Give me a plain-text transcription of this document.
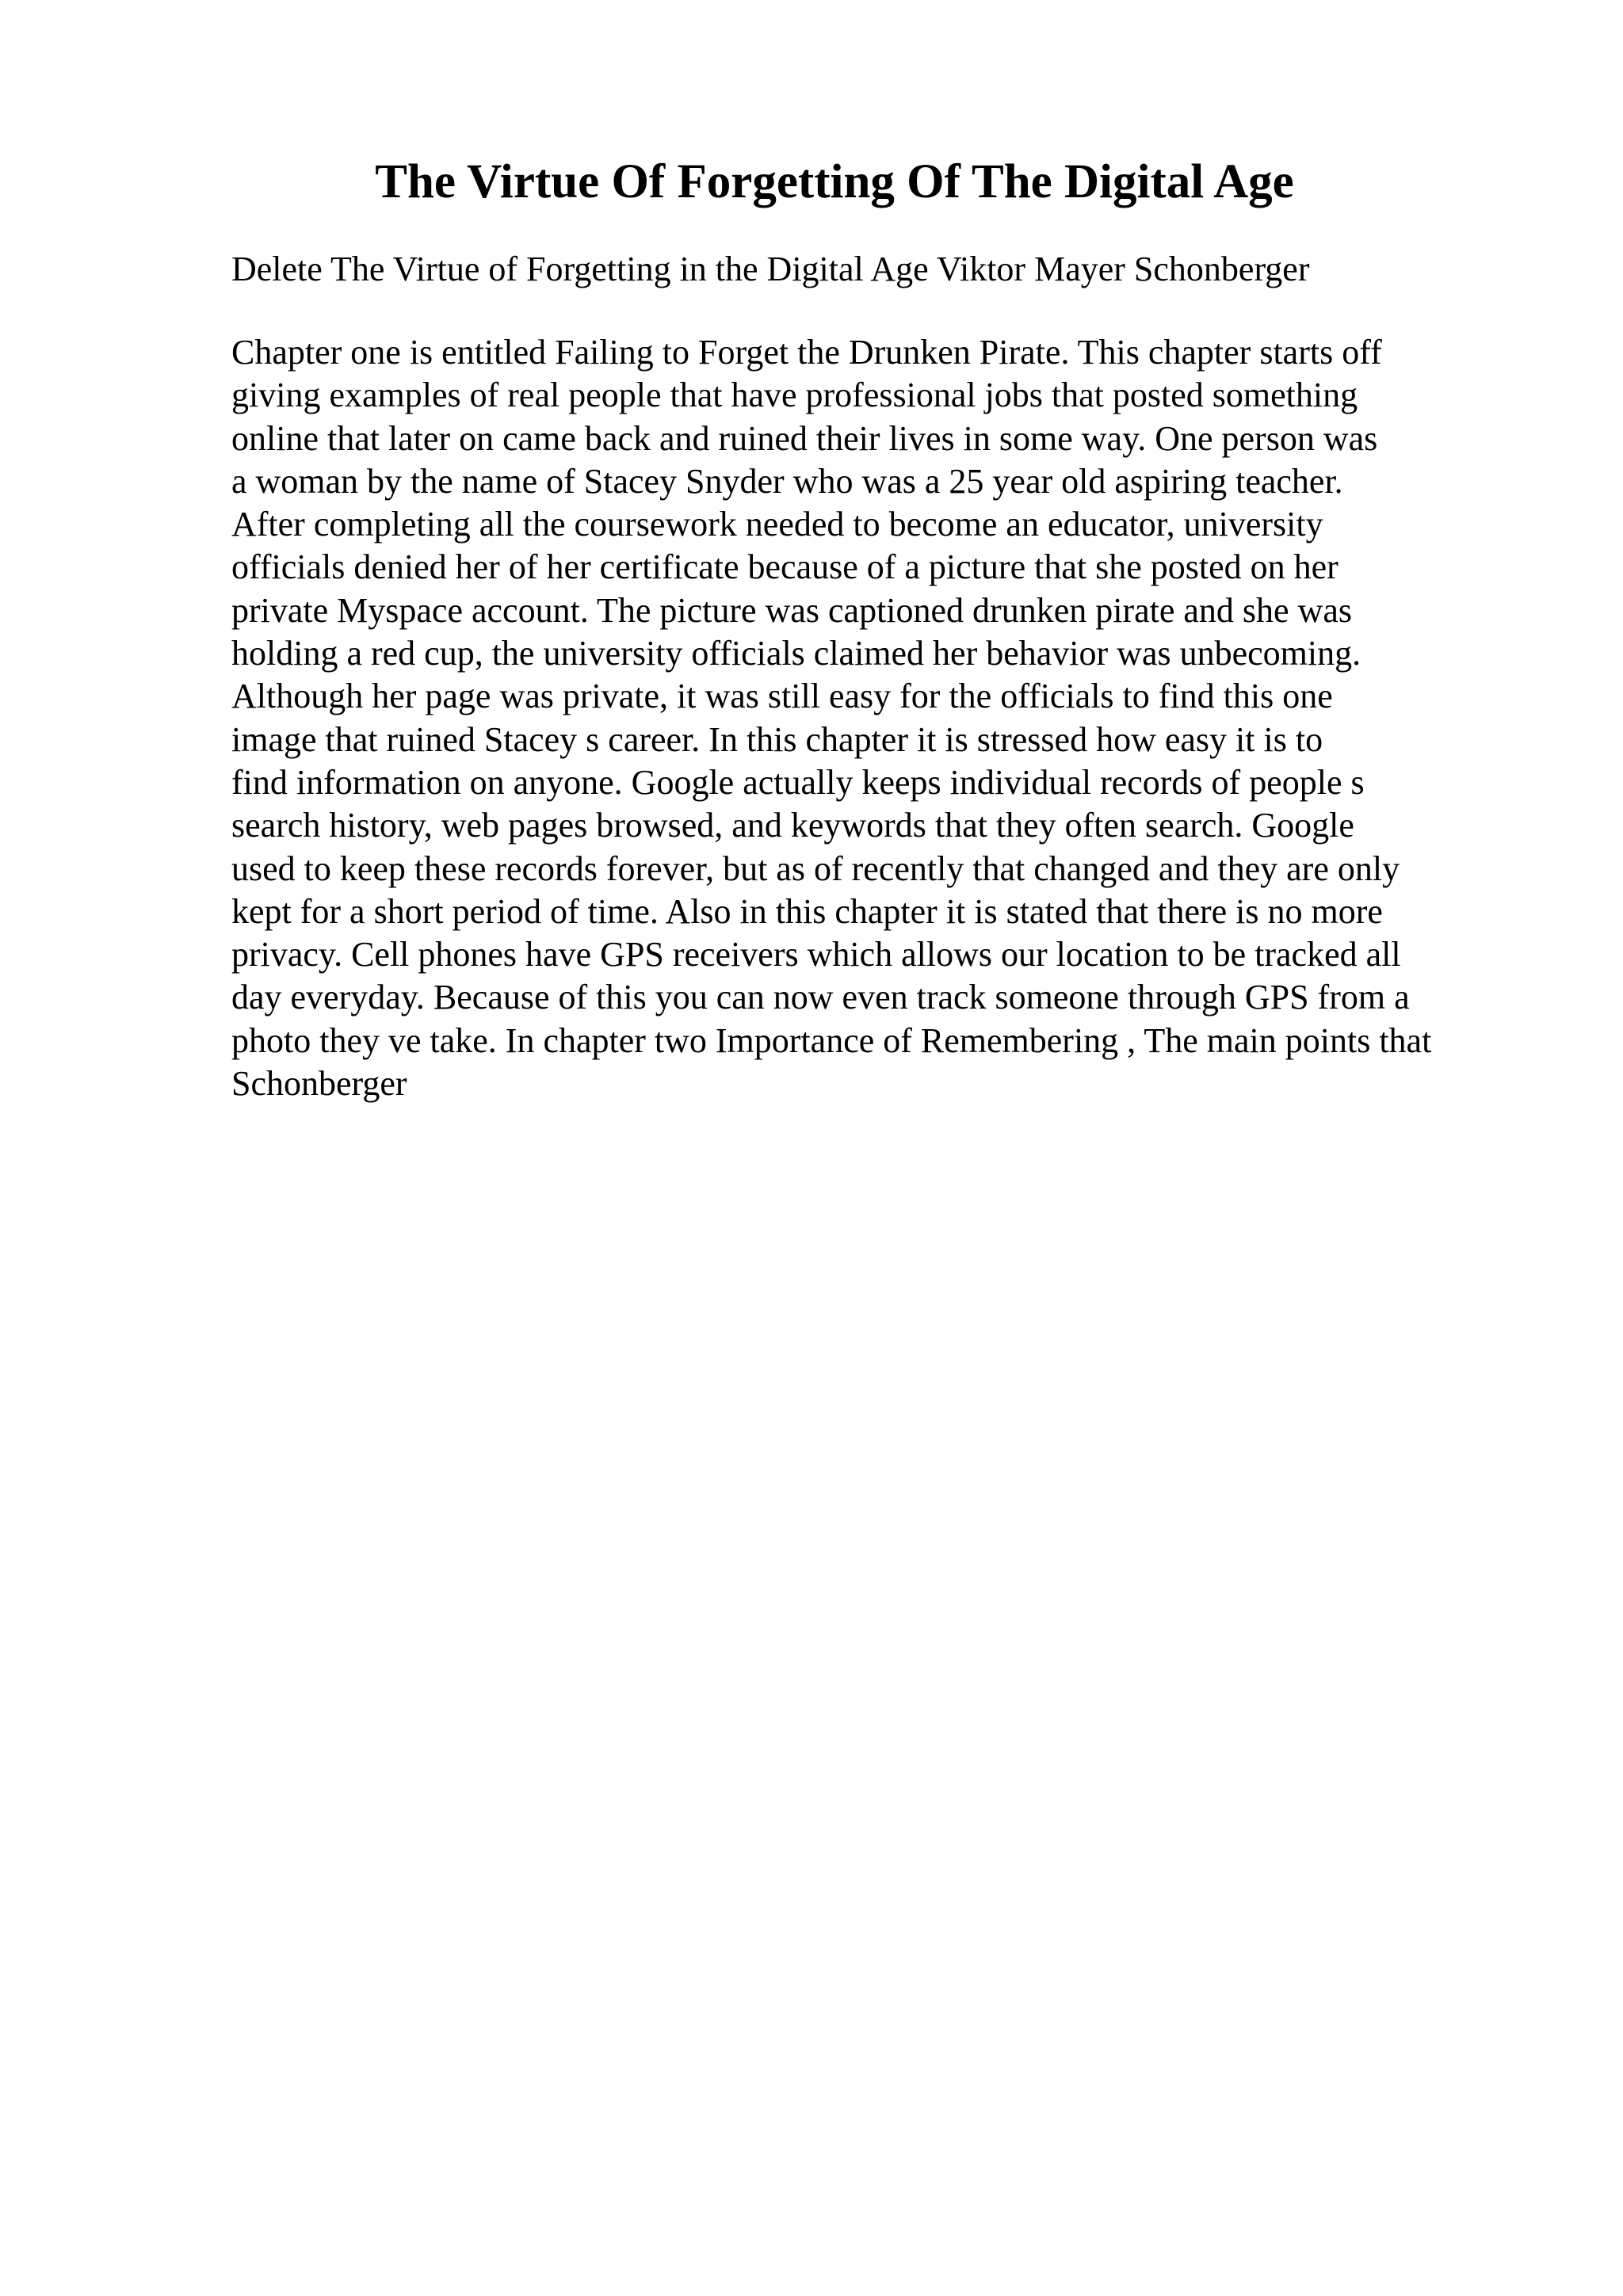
The Virtue Of Forgetting Of The Digital Age

Delete The Virtue of Forgetting in the Digital Age Viktor Mayer Schonberger

Chapter one is entitled Failing to Forget the Drunken Pirate. This chapter starts off
giving examples of real people that have professional jobs that posted something
online that later on came back and ruined their lives in some way. One person was
a woman by the name of Stacey Snyder who was a 25 year old aspiring teacher.
After completing all the coursework needed to become an educator, university
officials denied her of her certificate because of a picture that she posted on her
private Myspace account. The picture was captioned drunken pirate and she was
holding a red cup, the university officials claimed her behavior was unbecoming.
Although her page was private, it was still easy for the officials to find this one
image that ruined Stacey s career. In this chapter it is stressed how easy it is to
find information on anyone. Google actually keeps individual records of people s
search history, web pages browsed, and keywords that they often search. Google
used to keep these records forever, but as of recently that changed and they are only
kept for a short period of time. Also in this chapter it is stated that there is no more
privacy. Cell phones have GPS receivers which allows our location to be tracked all
day everyday. Because of this you can now even track someone through GPS from a
photo they ve take. In chapter two Importance of Remembering , The main points that
Schonberger
